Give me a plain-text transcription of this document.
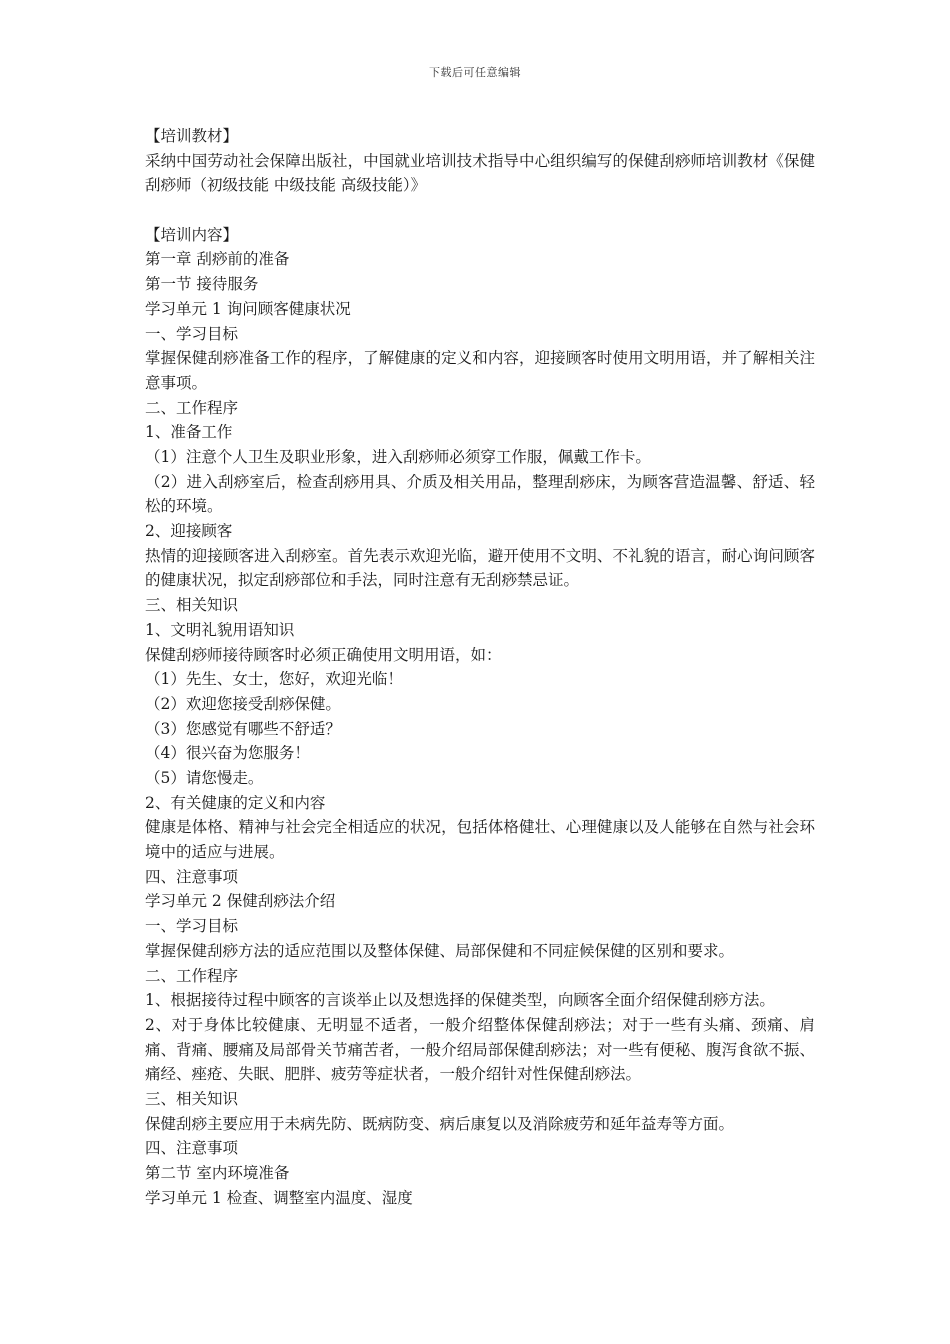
下载后可任意编辑
【培训教材】
采纳中国劳动社会保障出版社，中国就业培训技术指导中心组织编写的保健刮痧师培训教材《保健刮痧师（初级技能 中级技能 高级技能）》
【培训内容】
第一章 刮痧前的准备
第一节 接待服务
学习单元 1 询问顾客健康状况
一、学习目标
掌握保健刮痧准备工作的程序，了解健康的定义和内容，迎接顾客时使用文明用语，并了解相关注意事项。
二、工作程序
1、准备工作
（1）注意个人卫生及职业形象，进入刮痧师必须穿工作服，佩戴工作卡。
（2）进入刮痧室后，检查刮痧用具、介质及相关用品，整理刮痧床，为顾客营造温馨、舒适、轻松的环境。
2、迎接顾客
热情的迎接顾客进入刮痧室。首先表示欢迎光临，避开使用不文明、不礼貌的语言，耐心询问顾客的健康状况，拟定刮痧部位和手法，同时注意有无刮痧禁忌证。
三、相关知识
1、文明礼貌用语知识
保健刮痧师接待顾客时必须正确使用文明用语，如：
（1）先生、女士，您好，欢迎光临！
（2）欢迎您接受刮痧保健。
（3）您感觉有哪些不舒适？
（4）很兴奋为您服务！
（5）请您慢走。
2、有关健康的定义和内容
健康是体格、精神与社会完全相适应的状况，包括体格健壮、心理健康以及人能够在自然与社会环境中的适应与进展。
四、注意事项
学习单元 2 保健刮痧法介绍
一、学习目标
掌握保健刮痧方法的适应范围以及整体保健、局部保健和不同症候保健的区别和要求。
二、工作程序
1、根据接待过程中顾客的言谈举止以及想选择的保健类型，向顾客全面介绍保健刮痧方法。
2、对于身体比较健康、无明显不适者，一般介绍整体保健刮痧法；对于一些有头痛、颈痛、肩痛、背痛、腰痛及局部骨关节痛苦者，一般介绍局部保健刮痧法；对一些有便秘、腹泻食欲不振、痛经、痤疮、失眠、肥胖、疲劳等症状者，一般介绍针对性保健刮痧法。
三、相关知识
保健刮痧主要应用于未病先防、既病防变、病后康复以及消除疲劳和延年益寿等方面。
四、注意事项
第二节 室内环境准备
学习单元 1 检查、调整室内温度、湿度
